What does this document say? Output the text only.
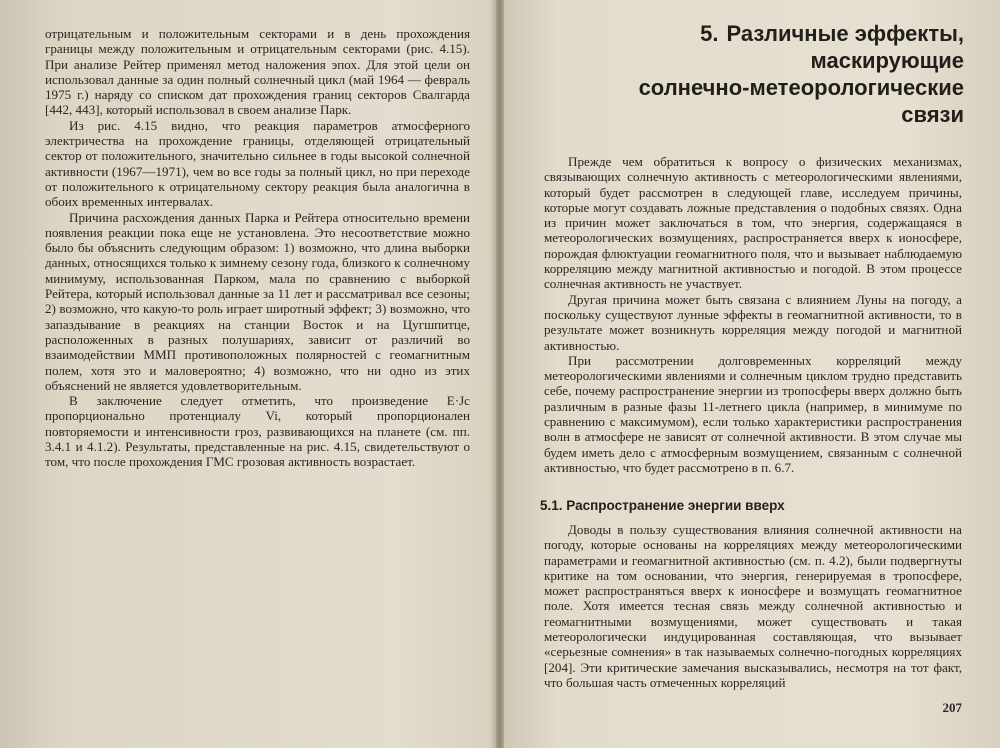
отрицательным и положительным секторами и в день прохождения границы между положительным и отрицательным секторами (рис. 4.15). При анализе Рейтер применял метод наложения эпох. Для этой цели он использовал данные за один полный солнечный цикл (май 1964 — февраль 1975 г.) наряду со списком дат прохождения границ секторов Свалгарда [442, 443], который использовал в своем анализе Парк.

Из рис. 4.15 видно, что реакция параметров атмосферного электричества на прохождение границы, отделяющей отрицательный сектор от положительного, значительно сильнее в годы высокой солнечной активности (1967—1971), чем во все годы за полный цикл, но при переходе от положительного к отрицательному сектору реакция была аналогична в обоих временных интервалах.

Причина расхождения данных Парка и Рейтера относительно времени появления реакции пока еще не установлена. Это несоответствие можно было бы объяснить следующим образом: 1) возможно, что длина выборки данных, относящихся только к зимнему сезону года, близкого к солнечному минимуму, использованная Парком, мала по сравнению с выборкой Рейтера, который использовал данные за 11 лет и рассматривал все сезоны; 2) возможно, что какую-то роль играет широтный эффект; 3) возможно, что запаздывание в реакциях на станции Восток и на Цугшпитце, расположенных в разных полушариях, зависит от различий во взаимодействии ММП противоположных полярностей с геомагнитным полем, хотя это и маловероятно; 4) возможно, что ни одно из этих объяснений не является удовлетворительным.

В заключение следует отметить, что произведение E·Jc пропорционально протенциалу Vi, который пропорционален повторяемости и интенсивности гроз, развивающихся на планете (см. пп. 3.4.1 и 4.1.2). Результаты, представленные на рис. 4.15, свидетельствуют о том, что после прохождения ГМС грозовая активность возрастает.

5. Различные эффекты, маскирующие
солнечно-метеорологические связи

Прежде чем обратиться к вопросу о физических механизмах, связывающих солнечную активность с метеорологическими явлениями, который будет рассмотрен в следующей главе, исследуем причины, которые могут создавать ложные представления о подобных связях. Одна из причин может заключаться в том, что энергия, содержащаяся в метеорологических возмущениях, распространяется вверх к ионосфере, порождая флюктуации геомагнитного поля, что и вызывает наблюдаемую корреляцию между магнитной активностью и погодой. В этом процессе солнечная активность не участвует.

Другая причина может быть связана с влиянием Луны на погоду, а поскольку существуют лунные эффекты в геомагнитной активности, то в результате может возникнуть корреляция между погодой и магнитной активностью.

При рассмотрении долговременных корреляций между метеорологическими явлениями и солнечным циклом трудно представить себе, почему распространение энергии из тропосферы вверх должно быть различным в разные фазы 11-летнего цикла (например, в минимуме по сравнению с максимумом), если только характеристики распространения волн в атмосфере не зависят от солнечной активности. В этом случае мы будем иметь дело с атмосферным возмущением, связанным с солнечной активностью, что будет рассмотрено в п. 6.7.

5.1. Распространение энергии вверх

Доводы в пользу существования влияния солнечной активности на погоду, которые основаны на корреляциях между метеорологическими параметрами и геомагнитной активностью (см. п. 4.2), были подвергнуты критике на том основании, что энергия, генерируемая в тропосфере, может распространяться вверх к ионосфере и возмущать геомагнитное поле. Хотя имеется тесная связь между солнечной активностью и геомагнитными возмущениями, может существовать и такая метеорологически индуцированная составляющая, что вызывает «серьезные сомнения» в так называемых солнечно-погодных корреляциях [204]. Эти критические замечания высказывались, несмотря на тот факт, что большая часть отмеченных корреляций

207
